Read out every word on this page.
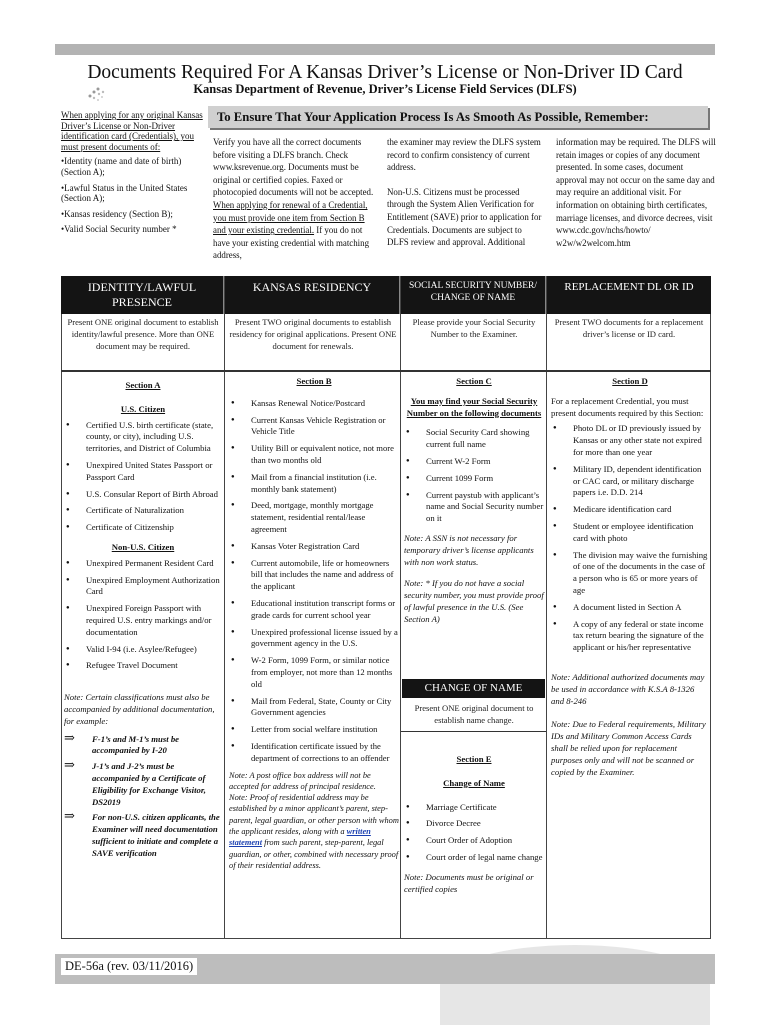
Documents Required For A Kansas Driver’s License or Non-Driver ID Card
Kansas Department of Revenue, Driver’s License Field Services (DLFS)
When applying for any original Kansas Driver’s License or Non-Driver identification card (Credentials), you must present documents of:
•Identity (name and date of birth) (Section A);
•Lawful Status in the United States (Section A);
•Kansas residency (Section B);
•Valid Social Security number *
To Ensure That Your Application Process Is As Smooth As Possible, Remember:
Verify you have all the correct documents before visiting a DLFS branch. Check www.ksrevenue.org. Documents must be original or certified copies. Faxed or photocopied documents will not be accepted. When applying for renewal of a Credential, you must provide one item from Section B and your existing credential. If you do not have your existing credential with matching address,
the examiner may review the DLFS system record to confirm consistency of current address.
Non-U.S. Citizens must be processed through the System Alien Verification for Entitlement (SAVE) prior to application for Credentials. Documents are subject to DLFS review and approval. Additional
information may be required. The DLFS will retain images or copies of any document presented. In some cases, document approval may not occur on the same day and may require an additional visit. For information on obtaining birth certificates, marriage licenses, and divorce decrees, visit www.cdc.gov/nchs/howto/ w2w/w2welcom.htm
IDENTITY/LAWFUL PRESENCE
KANSAS RESIDENCY	SOCIAL SECURITY NUMBER/ CHANGE OF NAME
REPLACEMENT DL OR ID
Present ONE original document to establish identity/lawful presence. More than ONE document may be required.
Present TWO original documents to establish residency for original applications. Present ONE document for renewals.
Please provide your Social Security Number to the Examiner.
Present TWO documents for a replacement driver’s license or ID card.
Section A
U.S. Citizen
● Certified U.S. birth certificate (state, county, or city), including U.S. territories, and District of Columbia
● Unexpired United States Passport or Passport Card
● U.S. Consular Report of Birth Abroad
● Certificate of Naturalization
● Certificate of Citizenship
Non-U.S. Citizen
● Unexpired Permanent Resident Card
● Unexpired Employment Authorization Card
● Unexpired Foreign Passport with required U.S. entry markings and/or documentation
● Valid I-94 (i.e. Asylee/Refugee)
● Refugee Travel Document
Note: Certain classifications must also be accompanied by additional documentation, for example:
⇒ F-1’s and M-1’s must be accompanied by I-20
⇒ J-1’s and J-2’s must be accompanied by a Certificate of Eligibility for Exchange Visitor, DS2019
⇒ For non-U.S. citizen applicants, the Examiner will need documentation sufficient to initiate and complete a SAVE verification
Section B
● Kansas Renewal Notice/Postcard
● Current Kansas Vehicle Registration or Vehicle Title
● Utility Bill or equivalent notice, not more than two months old
● Mail from a financial institution (i.e. monthly bank statement)
● Deed, mortgage, monthly mortgage statement, residential rental/lease agreement
● Kansas Voter Registration Card
● Current automobile, life or homeowners bill that includes the name and address of the applicant
● Educational institution transcript forms or grade cards for current school year
● Unexpired professional license issued by a government agency in the U.S.
● W-2 Form, 1099 Form, or similar notice from employer, not more than 12 months old
● Mail from Federal, State, County or City Government agencies
● Letter from social welfare institution
● Identification certificate issued by the department of corrections to an offender
Note: A post office box address will not be accepted for address of principal residence.
Note: Proof of residential address may be established by a minor applicant’s parent, step-parent, legal guardian, or other person with whom the applicant resides, along with a written statement from such parent, step-parent, legal guardian, or other, combined with necessary proof of their residential address.
Section C
You may find your Social Security Number on the following documents
● Social Security Card showing current full name
● Current W-2 Form
● Current 1099 Form
● Current paystub with applicant’s name and Social Security number on it
Note: A SSN is not necessary for temporary driver’s license applicants with non work status.
Note: * If you do not have a social security number, you must provide proof of lawful presence in the U.S. (See Section A)
CHANGE OF NAME
Present ONE original document to establish name change.
Section E
Change of Name
● Marriage Certificate
● Divorce Decree
● Court Order of Adoption
● Court order of legal name change
Note: Documents must be original or certified copies
Section D
For a replacement Credential, you must present documents required by this Section:
● Photo DL or ID previously issued by Kansas or any other state not expired for more than one year
● Military ID, dependent identification or CAC card, or military discharge papers i.e. D.D. 214
● Medicare identification card
● Student or employee identification card with photo
● The division may waive the furnishing of one of the documents in the case of a person who is 65 or more years of age
● A document listed in Section A
● A copy of any federal or state income tax return bearing the signature of the applicant or his/her representative
Note: Additional authorized documents may be used in accordance with K.S.A 8-1326 and 8-246
Note: Due to Federal requirements, Military IDs and Military Common Access Cards shall be relied upon for replacement purposes only and will not be scanned or copied by the Examiner.
DE-56a (rev. 03/11/2016)
